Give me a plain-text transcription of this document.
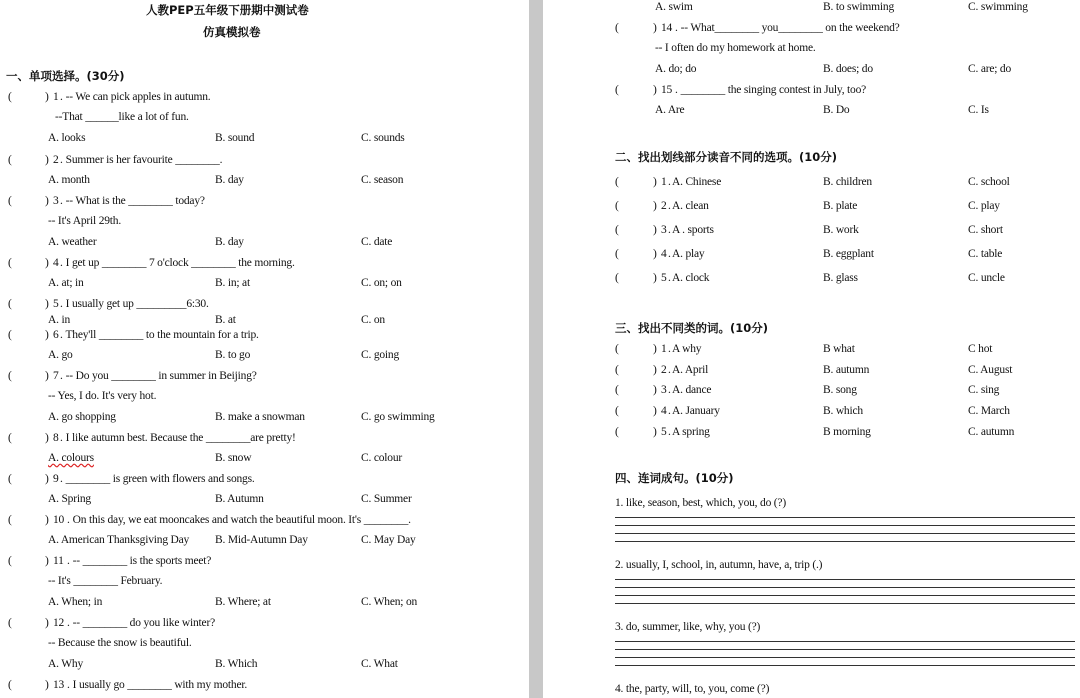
人教PEP五年级下册期中测试卷
仿真模拟卷
一、单项选择。(30分)
(	) 1 . -- We can pick apples in autumn.
--That ______like a lot of fun.
A. looks	B. sound	C. sounds
(	) 2 . Summer is her favourite ________.
A. month	B. day	C. season
(	) 3 . -- What is the ________ today?
-- It's April 29th.
A. weather	B. day	C. date
(	) 4 . I get up ________ 7 o'clock ________ the morning.
A. at; in	B. in; at	C. on; on
(	) 5 . I usually get up _________6:30.
A. in	B. at	C. on
(	) 6 . They'll ________ to the mountain for a trip.
A. go	B. to go	C. going
(	) 7 . -- Do you ________ in summer in Beijing?
-- Yes, I do. It's very hot.
A. go shopping	B. make a snowman	C. go swimming
(	) 8 . I like autumn best. Because the ________are pretty!
A. colours	B. snow	C. colour
(	) 9 . ________ is green with flowers and songs.
A. Spring	B. Autumn	C. Summer
(	) 10 . On this day, we eat mooncakes and watch the beautiful moon. It's ________.
A. American Thanksgiving Day B. Mid-Autumn Day	C. May Day
(	) 11 . -- ________ is the sports meet?
-- It's ________ February.
A. When; in	B. Where; at	C. When; on
(	) 12 . -- ________ do you like winter?
-- Because the snow is beautiful.
A. Why	B. Which	C. What
(	) 13 . I usually go ________ with my mother.
A. swim	B. to swimming	C. swimming
(	) 14 . -- What________ you________ on the weekend?
-- I often do my homework at home.
A. do; do	B. does; do	C. are; do
(	) 15 . ________ the singing contest in July, too?
A. Are	B. Do	C. Is
二、找出划线部分读音不同的选项。(10分)
(	) 1 . A. Chinese	B. children	C. school
(	) 2 . A. clean	B. plate	C. play
(	) 3 . A . sports	B. work	C. short
(	) 4 . A. play	B. eggplant	C. table
(	) 5 . A. clock	B. glass	C. uncle
三、找出不同类的词。(10分)
(	) 1 . A why	B what	C hot
(	) 2 . A. April	B. autumn	C. August
(	) 3 . A. dance	B. song	C. sing
(	) 4 . A. January	B. which	C. March
(	) 5 . A spring	B morning	C. autumn
四、连词成句。(10分)
1. like, season, best, which, you, do (?)
2. usually, I, school, in, autumn, have, a, trip (.)
3. do, summer, like, why, you (?)
4. the, party, will, to, you, come (?)
